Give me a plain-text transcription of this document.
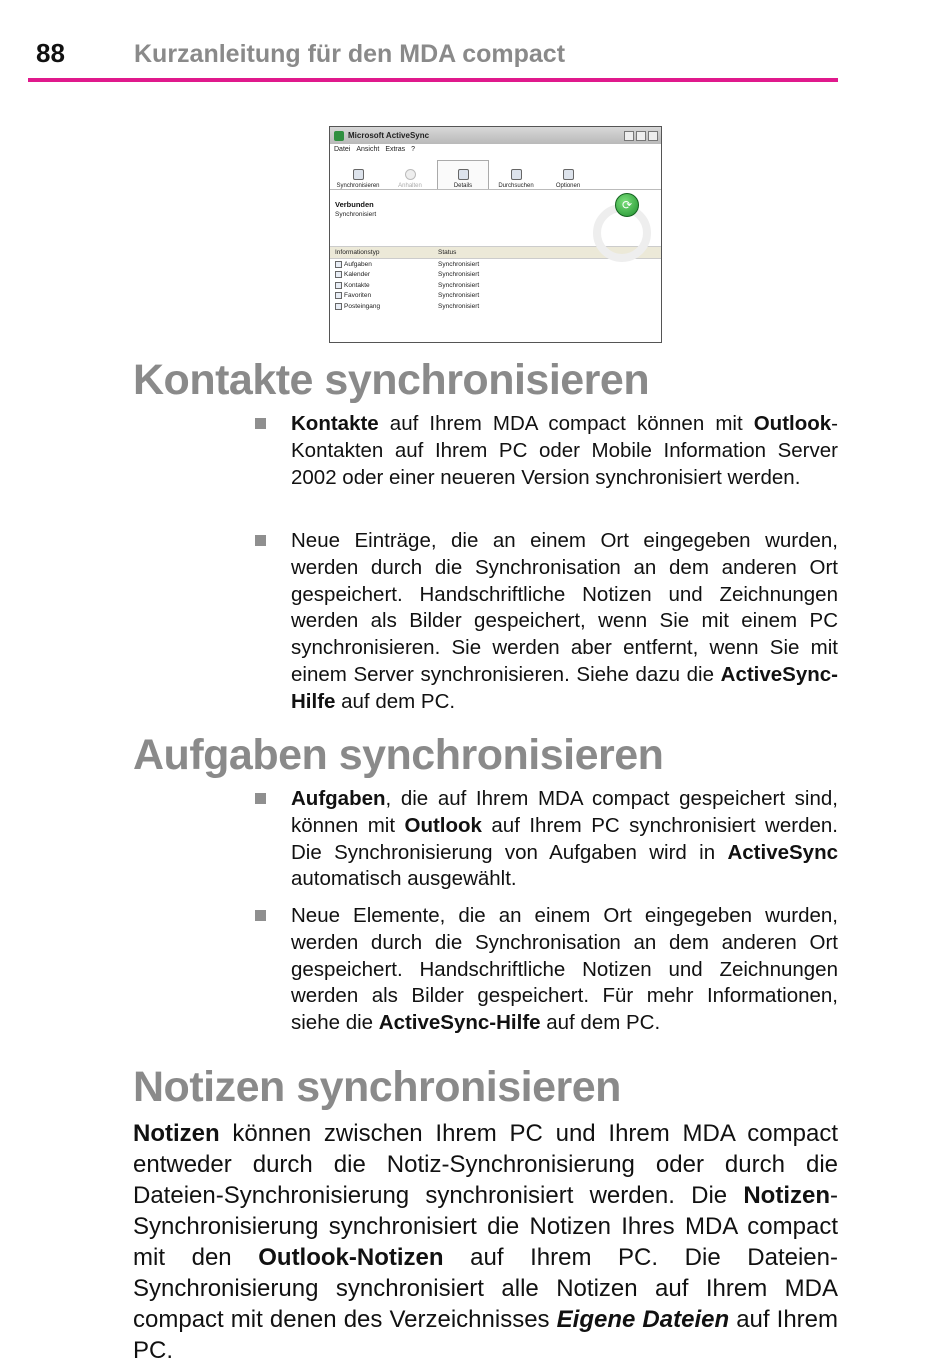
88	Kurzanleitung für den MDA compact
Microsoft ActiveSync
Datei Ansicht Extras ?
Synchronisieren	Anhalten	Details	Durchsuchen	Optionen
⟳
Verbunden
Synchronisiert
Informationstyp	Status
Aufgaben	Synchronisiert
Kalender	Synchronisiert
Kontakte	Synchronisiert
Favoriten	Synchronisiert
Posteingang	Synchronisiert
Kontakte synchronisieren
Kontakte auf Ihrem MDA compact können mit Outlook-Kontakten auf Ihrem PC oder Mobile Information Server 2002 oder einer neueren Version synchronisiert werden.
Neue Einträge, die an einem Ort eingegeben wurden, werden durch die Synchronisation an dem anderen Ort gespeichert. Handschriftliche Notizen und Zeichnungen werden als Bilder gespeichert, wenn Sie mit einem PC synchronisieren. Sie werden aber entfernt, wenn Sie mit einem Server synchronisieren. Siehe dazu die ActiveSync-Hilfe auf dem PC.
Aufgaben synchronisieren
Aufgaben, die auf Ihrem MDA compact gespeichert sind, können mit Outlook auf Ihrem PC synchronisiert werden. Die Synchronisierung von Aufgaben wird in ActiveSync automatisch ausgewählt.
Neue Elemente, die an einem Ort eingegeben wurden, werden durch die Synchronisation an dem anderen Ort gespeichert. Handschriftliche Notizen und Zeichnungen werden als Bilder gespeichert. Für mehr Informationen, siehe die ActiveSync-Hilfe auf dem PC.
Notizen synchronisieren
Notizen können zwischen Ihrem PC und Ihrem MDA compact entweder durch die Notiz-Synchronisierung oder durch die Dateien-Synchronisierung synchronisiert werden. Die Notizen-Synchronisierung synchronisiert die Notizen Ihres MDA compact mit den Outlook-Notizen auf Ihrem PC. Die Dateien-Synchronisierung synchronisiert alle Notizen auf Ihrem MDA compact mit denen des Verzeichnisses Eigene Dateien auf Ihrem PC.
